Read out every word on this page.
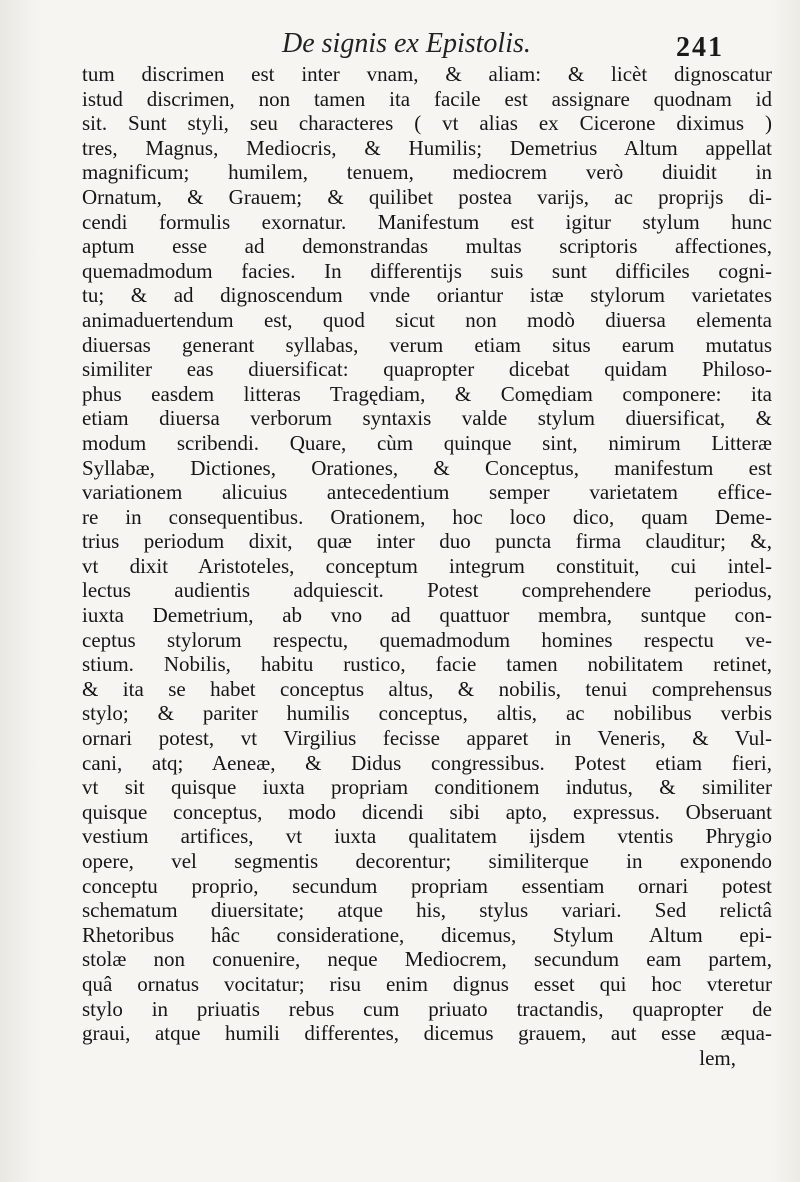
De signis ex Epistolis.	241
tum discrimen est inter vnam, & aliam: & licèt dignoscatur
istud discrimen, non tamen ita facile est assignare quodnam id
sit. Sunt styli, seu characteres ( vt alias ex Cicerone diximus )
tres, Magnus, Mediocris, & Humilis; Demetrius Altum appellat
magnificum; humilem, tenuem, mediocrem verò diuidit in
Ornatum, & Grauem; & quilibet postea varijs, ac proprijs di-
cendi formulis exornatur. Manifestum est igitur stylum hunc
aptum esse ad demonstrandas multas scriptoris affectiones,
quemadmodum facies. In differentijs suis sunt difficiles cogni-
tu; & ad dignoscendum vnde oriantur istæ stylorum varietates
animaduertendum est, quod sicut non modò diuersa elementa
diuersas generant syllabas, verum etiam situs earum mutatus
similiter eas diuersificat: quapropter dicebat quidam Philoso-
phus easdem litteras Tragędiam, & Comędiam componere: ita
etiam diuersa verborum syntaxis valde stylum diuersificat, &
modum scribendi. Quare, cùm quinque sint, nimirum Litteræ
Syllabæ, Dictiones, Orationes, & Conceptus, manifestum est
variationem alicuius antecedentium semper varietatem effice-
re in consequentibus. Orationem, hoc loco dico, quam Deme-
trius periodum dixit, quæ inter duo puncta firma clauditur; &,
vt dixit Aristoteles, conceptum integrum constituit, cui intel-
lectus audientis adquiescit. Potest comprehendere periodus,
iuxta Demetrium, ab vno ad quattuor membra, suntque con-
ceptus stylorum respectu, quemadmodum homines respectu ve-
stium. Nobilis, habitu rustico, facie tamen nobilitatem retinet,
& ita se habet conceptus altus, & nobilis, tenui comprehensus
stylo; & pariter humilis conceptus, altis, ac nobilibus verbis
ornari potest, vt Virgilius fecisse apparet in Veneris, & Vul-
cani, atq; Aeneæ, & Didus congressibus. Potest etiam fieri,
vt sit quisque iuxta propriam conditionem indutus, & similiter
quisque conceptus, modo dicendi sibi apto, expressus. Obseruant
vestium artifices, vt iuxta qualitatem ijsdem vtentis Phrygio
opere, vel segmentis decorentur; similiterque in exponendo
conceptu proprio, secundum propriam essentiam ornari potest
schematum diuersitate; atque his, stylus variari. Sed relictâ
Rhetoribus hâc consideratione, dicemus, Stylum Altum epi-
stolæ non conuenire, neque Mediocrem, secundum eam partem,
quâ ornatus vocitatur; risu enim dignus esset qui hoc vteretur
stylo in priuatis rebus cum priuato tractandis, quapropter de
graui, atque humili differentes, dicemus grauem, aut esse æqua-
lem,
